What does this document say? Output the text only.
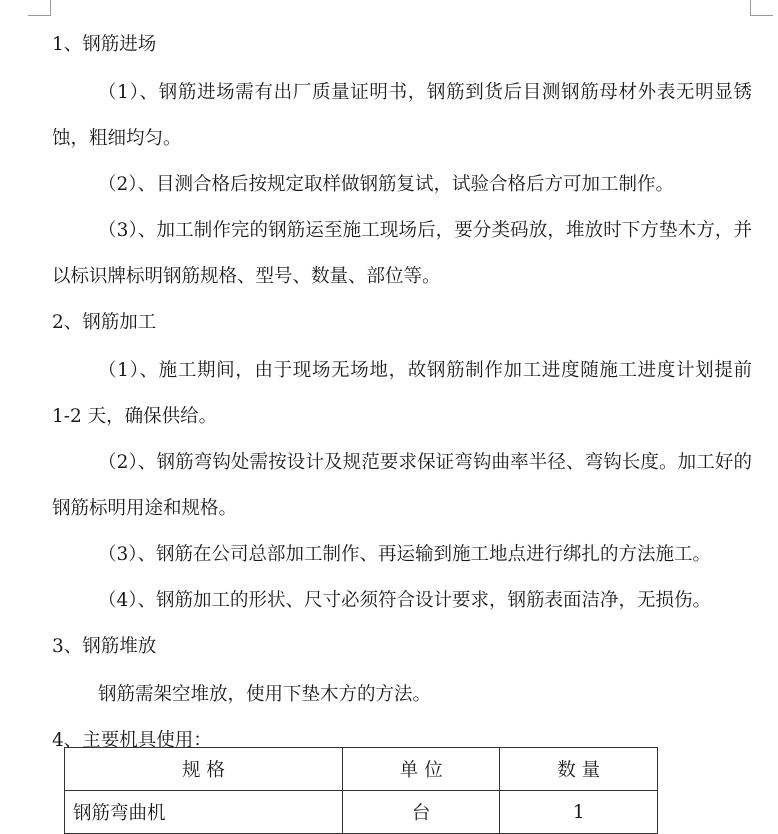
1、钢筋进场

（1）、钢筋进场需有出厂质量证明书，钢筋到货后目测钢筋母材外表无明显锈蚀，粗细均匀。

（2）、目测合格后按规定取样做钢筋复试，试验合格后方可加工制作。

（3）、加工制作完的钢筋运至施工现场后，要分类码放，堆放时下方垫木方，并以标识牌标明钢筋规格、型号、数量、部位等。

2、钢筋加工

（1）、施工期间，由于现场无场地，故钢筋制作加工进度随施工进度计划提前 1-2 天，确保供给。

（2）、钢筋弯钩处需按设计及规范要求保证弯钩曲率半径、弯钩长度。加工好的钢筋标明用途和规格。

（3）、钢筋在公司总部加工制作、再运输到施工地点进行绑扎的方法施工。

（4）、钢筋加工的形状、尺寸必须符合设计要求，钢筋表面洁净，无损伤。

3、钢筋堆放

钢筋需架空堆放，使用下垫木方的方法。

4、主要机具使用：
规 格	单 位	数 量
钢筋弯曲机	台	1
